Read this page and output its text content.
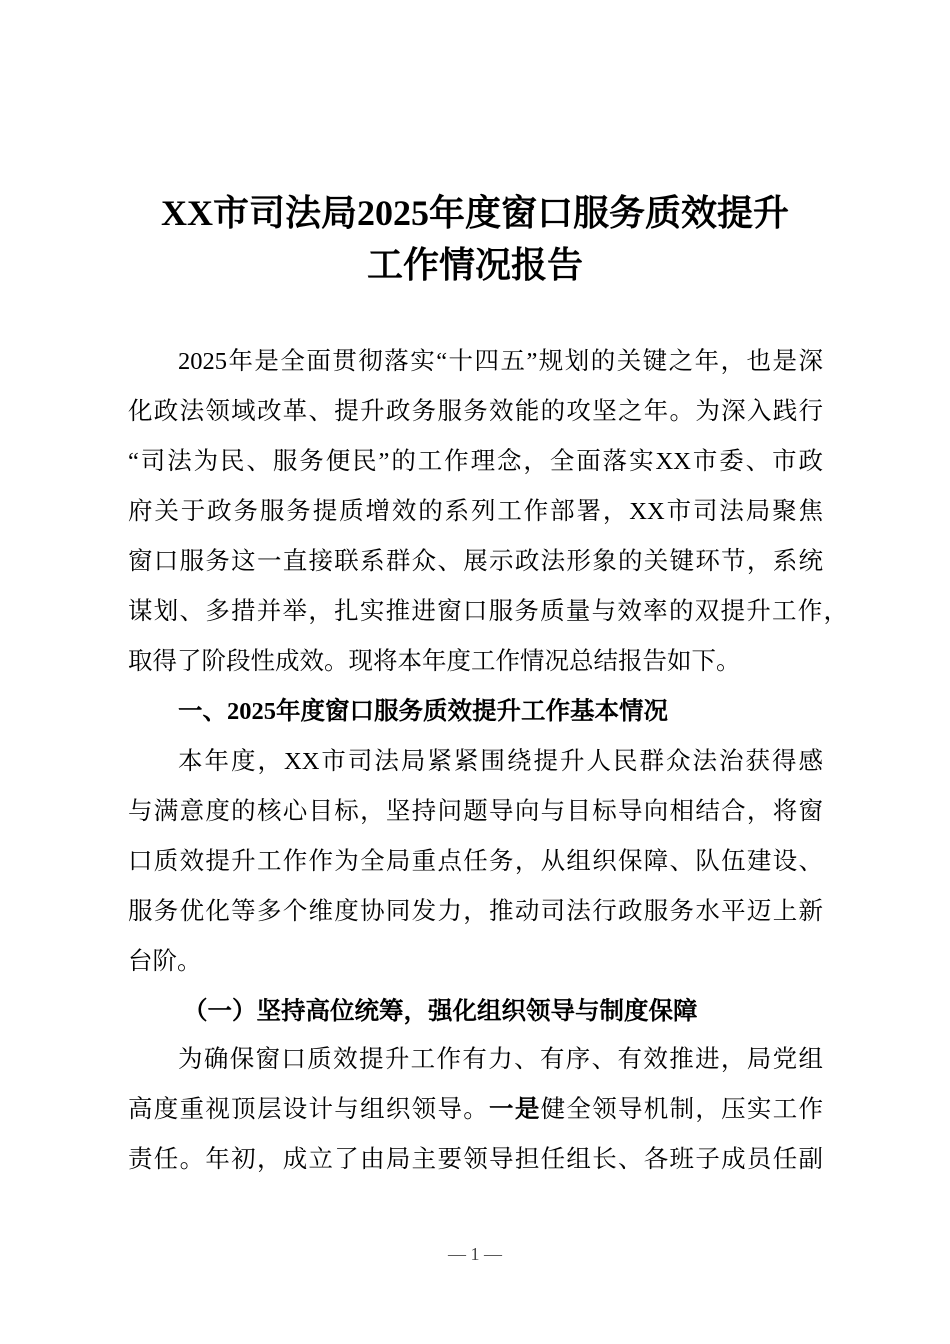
XX市司法局2025年度窗口服务质效提升
工作情况报告
2025年是全面贯彻落实“十四五”规划的关键之年，也是深
化政法领域改革、提升政务服务效能的攻坚之年。为深入践行
“司法为民、服务便民”的工作理念，全面落实XX市委、市政
府关于政务服务提质增效的系列工作部署，XX市司法局聚焦
窗口服务这一直接联系群众、展示政法形象的关键环节，系统
谋划、多措并举，扎实推进窗口服务质量与效率的双提升工作，
取得了阶段性成效。现将本年度工作情况总结报告如下。
一、2025年度窗口服务质效提升工作基本情况
本年度，XX市司法局紧紧围绕提升人民群众法治获得感
与满意度的核心目标，坚持问题导向与目标导向相结合，将窗
口质效提升工作作为全局重点任务，从组织保障、队伍建设、
服务优化等多个维度协同发力，推动司法行政服务水平迈上新
台阶。
（一）坚持高位统筹，强化组织领导与制度保障
为确保窗口质效提升工作有力、有序、有效推进，局党组
高度重视顶层设计与组织领导。一是健全领导机制，压实工作
责任。年初，成立了由局主要领导担任组长、各班子成员任副
— 1 —
